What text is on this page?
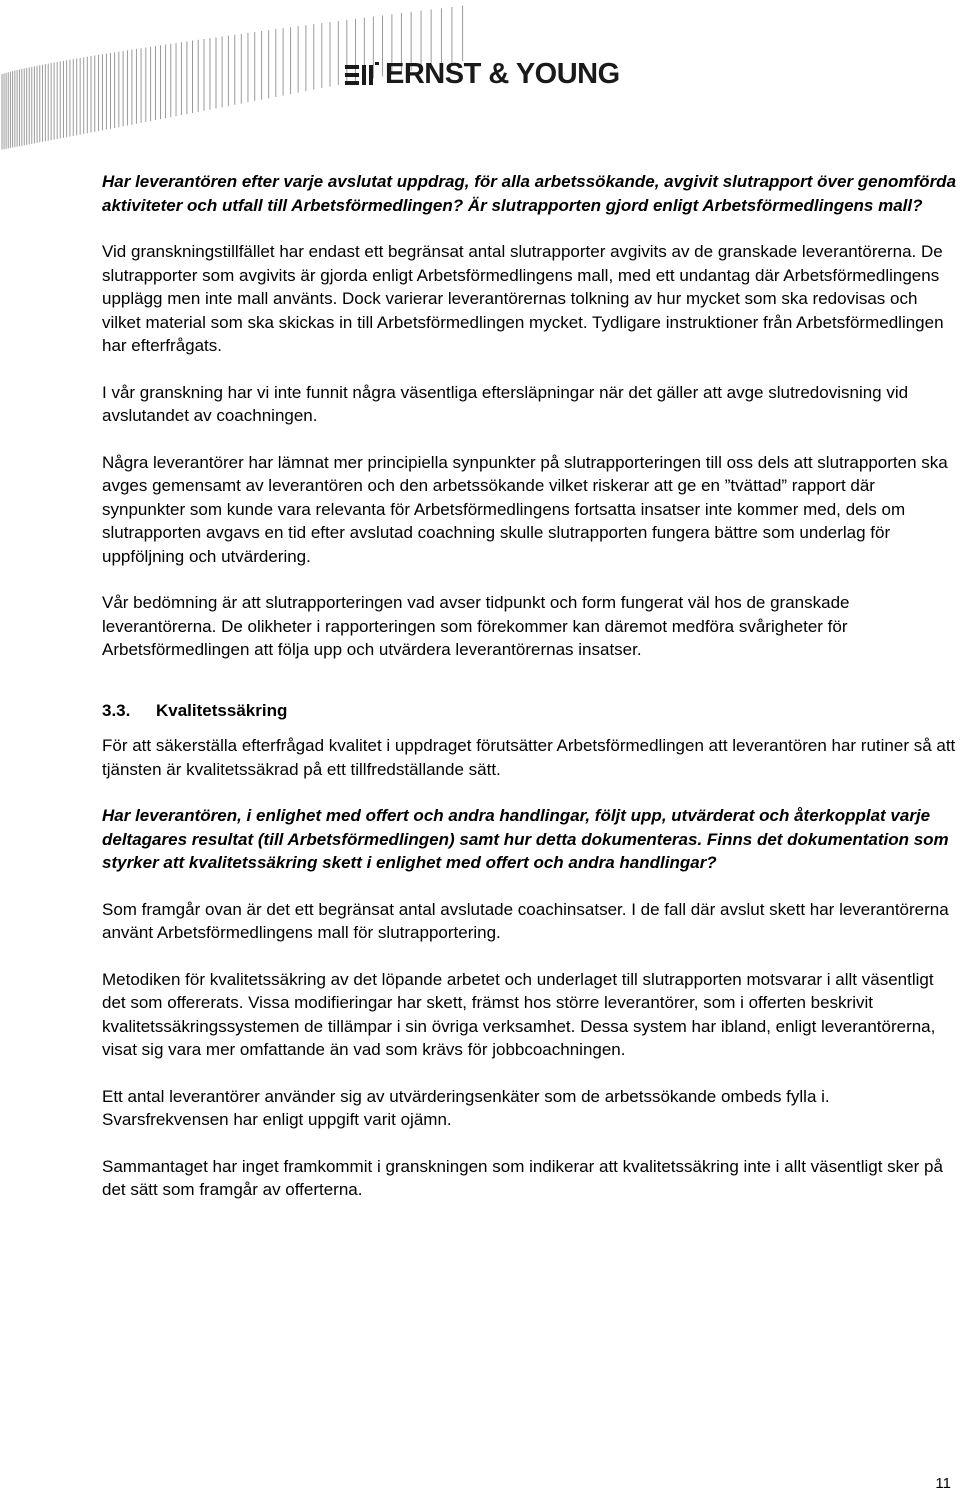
ERNST & YOUNG

Har leverantören efter varje avslutat uppdrag, för alla arbetssökande, avgivit slutrapport över genomförda aktiviteter och utfall till Arbetsförmedlingen? Är slutrapporten gjord enligt Arbetsförmedlingens mall?

Vid granskningstillfället har endast ett begränsat antal slutrapporter avgivits av de granskade leverantörerna. De slutrapporter som avgivits är gjorda enligt Arbetsförmedlingens mall, med ett undantag där Arbetsförmedlingens upplägg men inte mall använts. Dock varierar leverantörernas tolkning av hur mycket som ska redovisas och vilket material som ska skickas in till Arbetsförmedlingen mycket. Tydligare instruktioner från Arbetsförmedlingen har efterfrågats.

I vår granskning har vi inte funnit några väsentliga eftersläpningar när det gäller att avge slutredovisning vid avslutandet av coachningen.

Några leverantörer har lämnat mer principiella synpunkter på slutrapporteringen till oss dels att slutrapporten ska avges gemensamt av leverantören och den arbetssökande vilket riskerar att ge en ”tvättad” rapport där synpunkter som kunde vara relevanta för Arbetsförmedlingens fortsatta insatser inte kommer med, dels om slutrapporten avgavs en tid efter avslutad coachning skulle slutrapporten fungera bättre som underlag för uppföljning och utvärdering.

Vår bedömning är att slutrapporteringen vad avser tidpunkt och form fungerat väl hos de granskade leverantörerna. De olikheter i rapporteringen som förekommer kan däremot medföra svårigheter för Arbetsförmedlingen att följa upp och utvärdera leverantörernas insatser.

3.3. Kvalitetssäkring

För att säkerställa efterfrågad kvalitet i uppdraget förutsätter Arbetsförmedlingen att leverantören har rutiner så att tjänsten är kvalitetssäkrad på ett tillfredställande sätt.

Har leverantören, i enlighet med offert och andra handlingar, följt upp, utvärderat och återkopplat varje deltagares resultat (till Arbetsförmedlingen) samt hur detta dokumenteras. Finns det dokumentation som styrker att kvalitetssäkring skett i enlighet med offert och andra handlingar?

Som framgår ovan är det ett begränsat antal avslutade coachinsatser. I de fall där avslut skett har leverantörerna använt Arbetsförmedlingens mall för slutrapportering.

Metodiken för kvalitetssäkring av det löpande arbetet och underlaget till slutrapporten motsvarar i allt väsentligt det som offererats. Vissa modifieringar har skett, främst hos större leverantörer, som i offerten beskrivit kvalitetssäkringssystemen de tillämpar i sin övriga verksamhet. Dessa system har ibland, enligt leverantörerna, visat sig vara mer omfattande än vad som krävs för jobbcoachningen.

Ett antal leverantörer använder sig av utvärderingsenkäter som de arbetssökande ombeds fylla i. Svarsfrekvensen har enligt uppgift varit ojämn.

Sammantaget har inget framkommit i granskningen som indikerar att kvalitetssäkring inte i allt väsentligt sker på det sätt som framgår av offerterna.

11
